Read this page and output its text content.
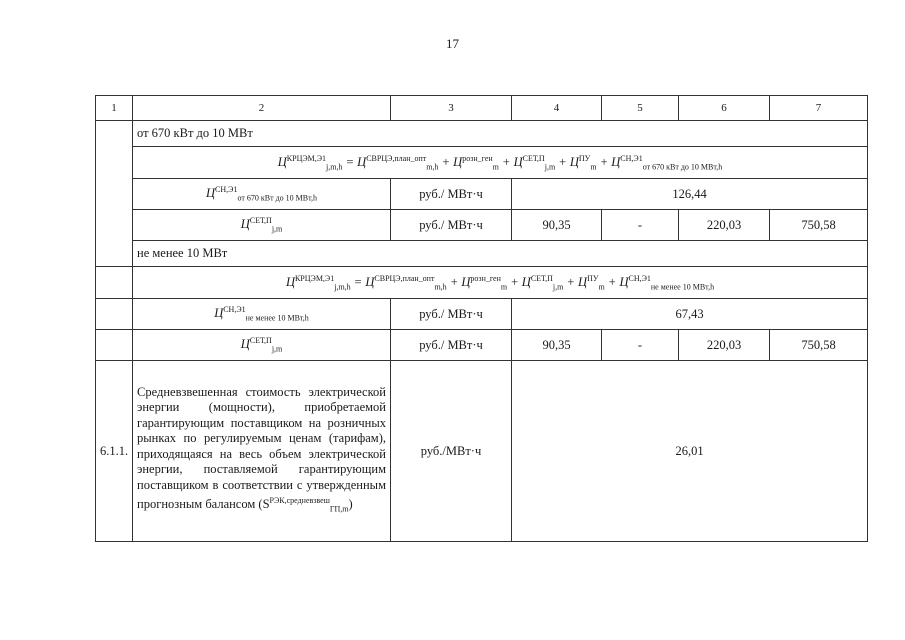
17
1	2	3	4	5	6	7
	от 670 кВт до 10 МВт					
	$Ц^{КРЦЭМ,Э1}_{j,m,h} = Ц^{СВРЦЭ,план\_опт}_{m,h} + Ц^{розн\_ген}_m + Ц^{СЕТ,П}_{j,m} + Ц^{ПУ}_m + Ц^{СН,Э1}_{от 670 кВт до 10 МВт,h}$
	$Ц^{СН,Э1}_{от 670 кВт до 10 МВт,h}$	руб./ МВт·ч	126,44			
	$Ц^{СЕТ,П}_{j,m}$	руб./ МВт·ч	90,35	-	220,03	750,58
	не менее 10 МВт					
	$Ц^{КРЦЭМ,Э1}_{j,m,h} = Ц^{СВРЦЭ,план\_опт}_{m,h} + Ц^{розн\_ген}_m + Ц^{СЕТ,П}_{j,m} + Ц^{ПУ}_m + Ц^{СН,Э1}_{не менее 10 МВт,h}$
	$Ц^{СН,Э1}_{не менее 10 МВт,h}$	руб./ МВт·ч	67,43			
	$Ц^{СЕТ,П}_{j,m}$	руб./ МВт·ч	90,35	-	220,03	750,58
6.1.1.	Средневзвешенная стоимость электрической энергии (мощности), приобретаемой гарантирующим поставщиком на розничных рынках по регулируемым ценам (тарифам), приходящаяся на весь объем электрической энергии, поставляемой гарантирующим поставщиком в соответствии с утвержденным прогнозным балансом $(S^{РЭК,средневзвеш}_{ГП,m})$	руб./МВт·ч	26,01			
